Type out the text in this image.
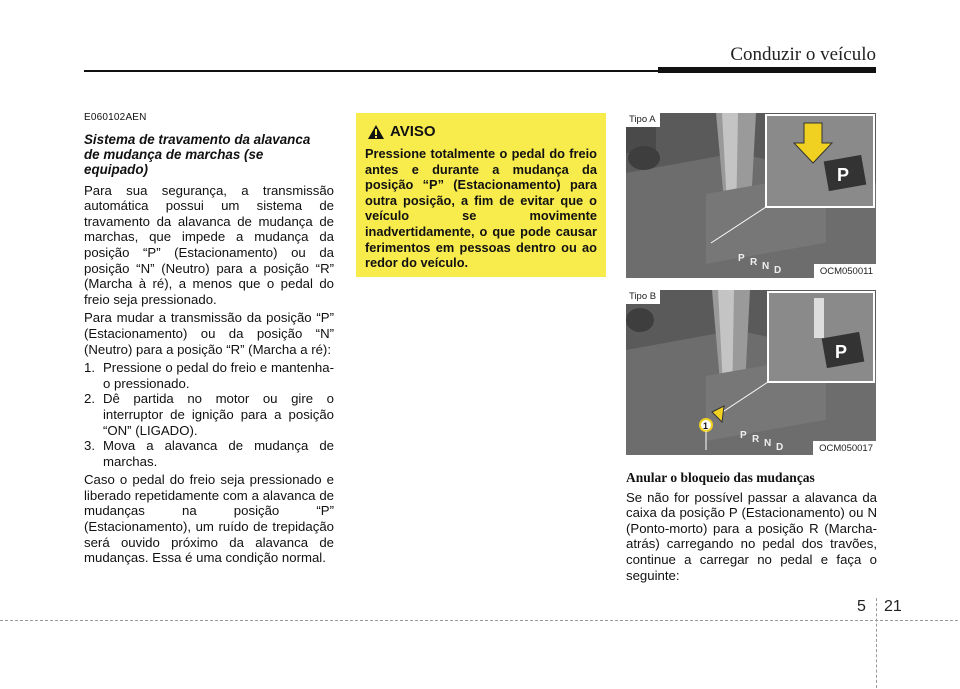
Conduzir o veículo
E060102AEN
Sistema de travamento da alavanca de mudança de marchas (se equipado)

Para sua segurança, a transmissão automática possui um sistema de travamento da alavanca de mudança de marchas, que impede a mudança da posição “P” (Estacionamento) ou da posição “N” (Neutro) para a posição “R” (Marcha à ré), a menos que o pedal do freio seja pressionado.

Para mudar a transmissão da posição “P” (Estacionamento) ou da posição “N” (Neutro) para a posição “R” (Marcha a ré):

1. Pressione o pedal do freio e mantenha-o pressionado.
2. Dê partida no motor ou gire o interruptor de ignição para a posição “ON” (LIGADO).
3. Mova a alavanca de mudança de marchas.

Caso o pedal do freio seja pressionado e liberado repetidamente com a alavanca de mudanças na posição “P” (Estacionamento), um ruído de trepidação será ouvido próximo da alavanca de mudanças. Essa é uma condição normal.

AVISO
Pressione totalmente o pedal do freio antes e durante a mudança da posição “P” (Estacionamento) para outra posição, a fim de evitar que o veículo se movimente inadvertidamente, o que pode causar ferimentos em pessoas dentro ou ao redor do veículo.
P
P R N D
Tipo A
OCM050011
P
1
P R N D
Tipo B
OCM050017
Anular o bloqueio das mudanças

Se não for possível passar a alavanca da caixa da posição P (Estacionamento) ou N (Ponto-morto) para a posição R (Marcha-atrás) carregando no pedal dos travões, continue a carregar no pedal e faça o seguinte:

5 21
